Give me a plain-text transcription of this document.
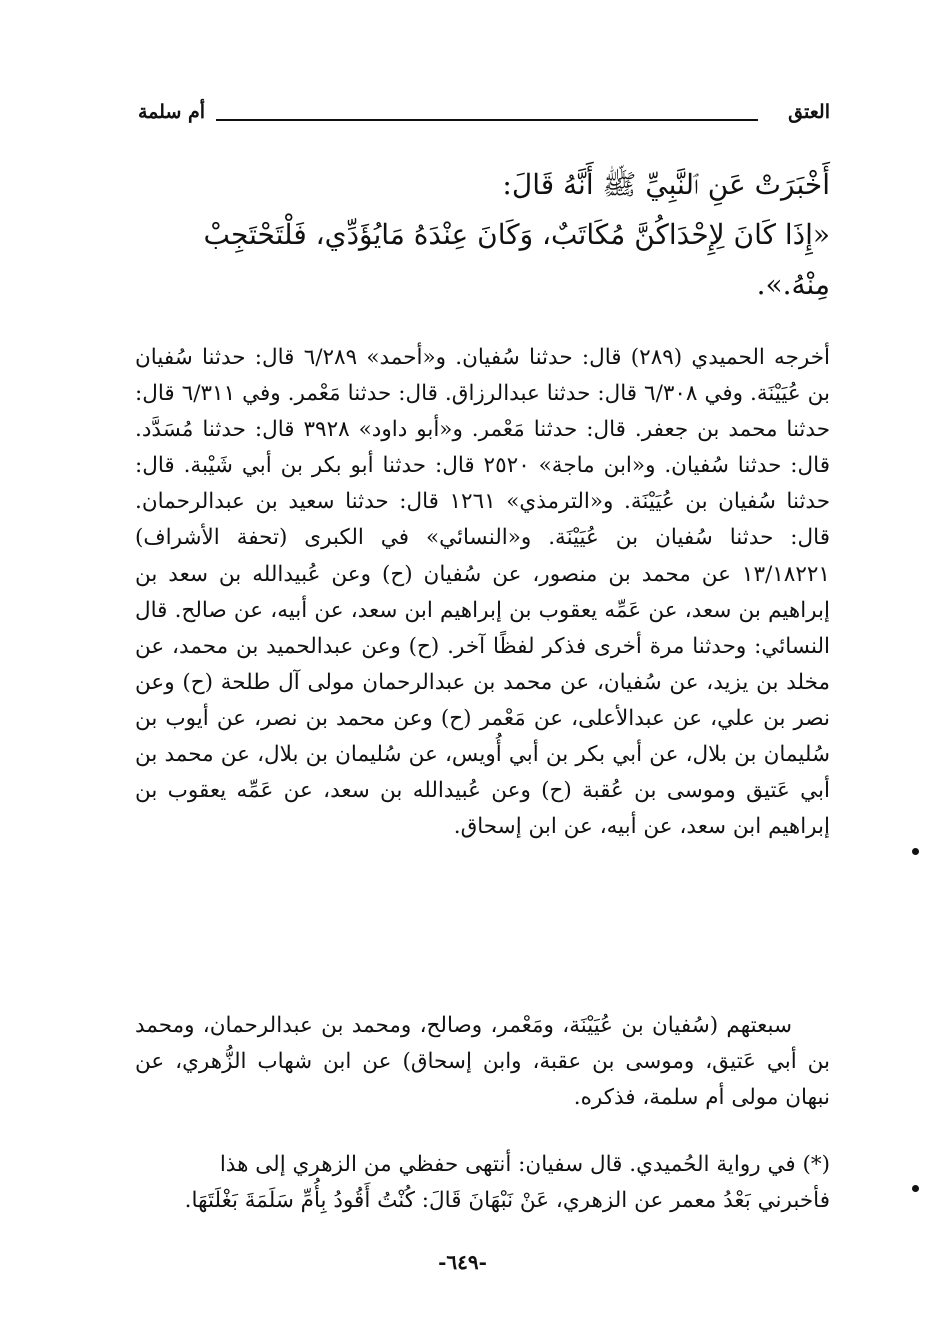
العتق
أم سلمة
أَخْبَرَتْ عَنِ ٱلنَّبِيِّ ﷺ أَنَّهُ قَالَ:
«إِذَا كَانَ لِإِحْدَاكُنَّ مُكَاتَبٌ، وَكَانَ عِنْدَهُ مَايُؤَدِّي، فَلْتَحْتَجِبْ مِنْهُ.».
أخرجه الحميدي (٢٨٩) قال: حدثنا سُفيان. و«أحمد» ٦/٢٨٩ قال: حدثنا سُفيان بن عُيَيْنَة. وفي ٦/٣٠٨ قال: حدثنا عبدالرزاق. قال: حدثنا مَعْمر. وفي ٦/٣١١ قال: حدثنا محمد بن جعفر. قال: حدثنا مَعْمر. و«أبو داود» ٣٩٢٨ قال: حدثنا مُسَدَّد. قال: حدثنا سُفيان. و«ابن ماجة» ٢٥٢٠ قال: حدثنا أبو بكر بن أبي شَيْبة. قال: حدثنا سُفيان بن عُيَيْنَة. و«الترمذي» ١٢٦١ قال: حدثنا سعيد بن عبدالرحمان. قال: حدثنا سُفيان بن عُيَيْنَة. و«النسائي» في الكبرى (تحفة الأشراف) ١٣/١٨٢٢١ عن محمد بن منصور، عن سُفيان (ح) وعن عُبيدالله بن سعد بن إبراهيم بن سعد، عن عَمِّه يعقوب بن إبراهيم ابن سعد، عن أبيه، عن صالح. قال النسائي: وحدثنا مرة أخرى فذكر لفظًا آخر. (ح) وعن عبدالحميد بن محمد، عن مخلد بن يزيد، عن سُفيان، عن محمد بن عبدالرحمان مولى آل طلحة (ح) وعن نصر بن علي، عن عبدالأعلى، عن مَعْمر (ح) وعن محمد بن نصر، عن أيوب بن سُليمان بن بلال، عن أبي بكر بن أبي أُويس، عن سُليمان بن بلال، عن محمد بن أبي عَتيق وموسى بن عُقبة (ح) وعن عُبيدالله بن سعد، عن عَمِّه يعقوب بن إبراهيم ابن سعد، عن أبيه، عن ابن إسحاق.

سبعتهم (سُفيان بن عُيَيْنَة، ومَعْمر، وصالح، ومحمد بن عبدالرحمان، ومحمد بن أبي عَتيق، وموسى بن عقبة، وابن إسحاق) عن ابن شهاب الزُّهري، عن نبهان مولى أم سلمة، فذكره.

(*) في رواية الحُميدي. قال سفيان: أنتهى حفظي من الزهري إلى هذا
فأخبرني بَعْدُ معمر عن الزهري، عَنْ نَبْهَانَ قَالَ: كُنْتُ أَقُودُ بِأُمِّ سَلَمَةَ بَغْلَتَهَا.
-٦٤٩-
